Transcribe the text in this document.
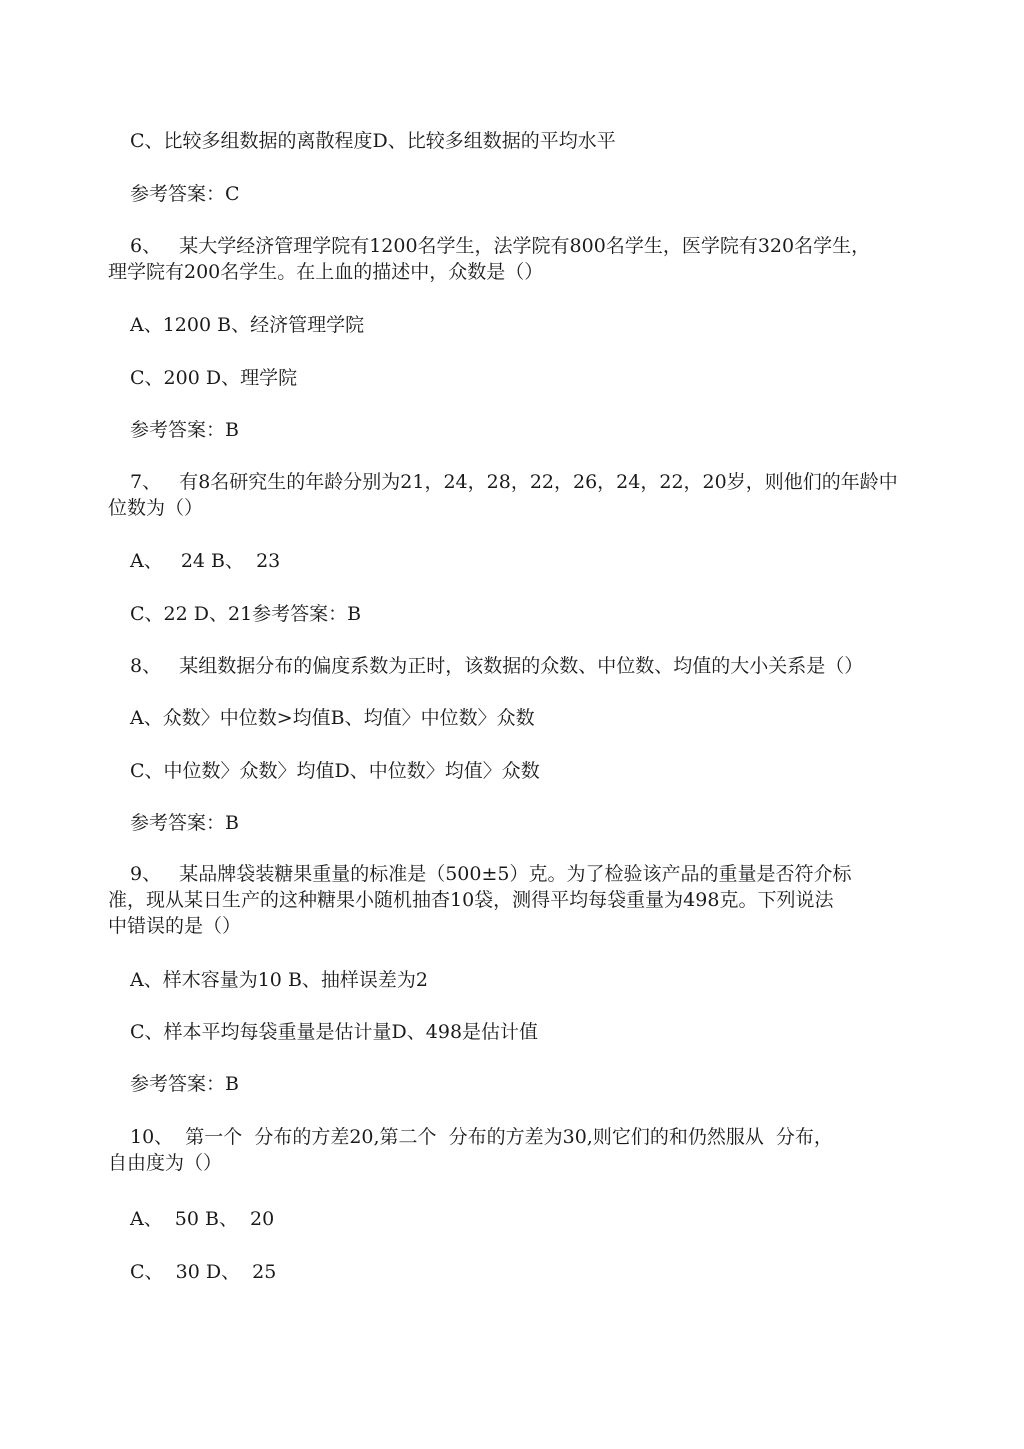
C、比较多组数据的离散程度D、比较多组数据的平均水平
参考答案：C
6、   某大学经济管理学院有1200名学生，法学院有800名学生，医学院有320名学生，
理学院有200名学生。在上血的描述中，众数是（）
A、1200 B、经济管理学院
C、200 D、理学院
参考答案：B
7、   有8名研究生的年龄分别为21，24，28，22，26，24，22，20岁，则他们的年龄中
位数为（）
A、   24 B、  23
C、22 D、21参考答案：B
8、   某组数据分布的偏度系数为正时，该数据的众数、中位数、均值的大小关系是（）
A、众数〉中位数>均值B、均值〉中位数〉众数
C、中位数〉众数〉均值D、中位数〉均值〉众数
参考答案：B
9、   某品牌袋装糖果重量的标准是（500±5）克。为了检验该产品的重量是否符介标
准，现从某日生产的这种糖果小随机抽杳10袋，测得平均每袋重量为498克。下列说法
中错误的是（）
A、样木容量为10 B、抽样误差为2
C、样本平均每袋重量是估计量D、498是估计值
参考答案：B
10、  第一个  分布的方差20,第二个  分布的方差为30,则它们的和仍然服从  分布，
自由度为（）
A、  50 B、  20
C、  30 D、  25
